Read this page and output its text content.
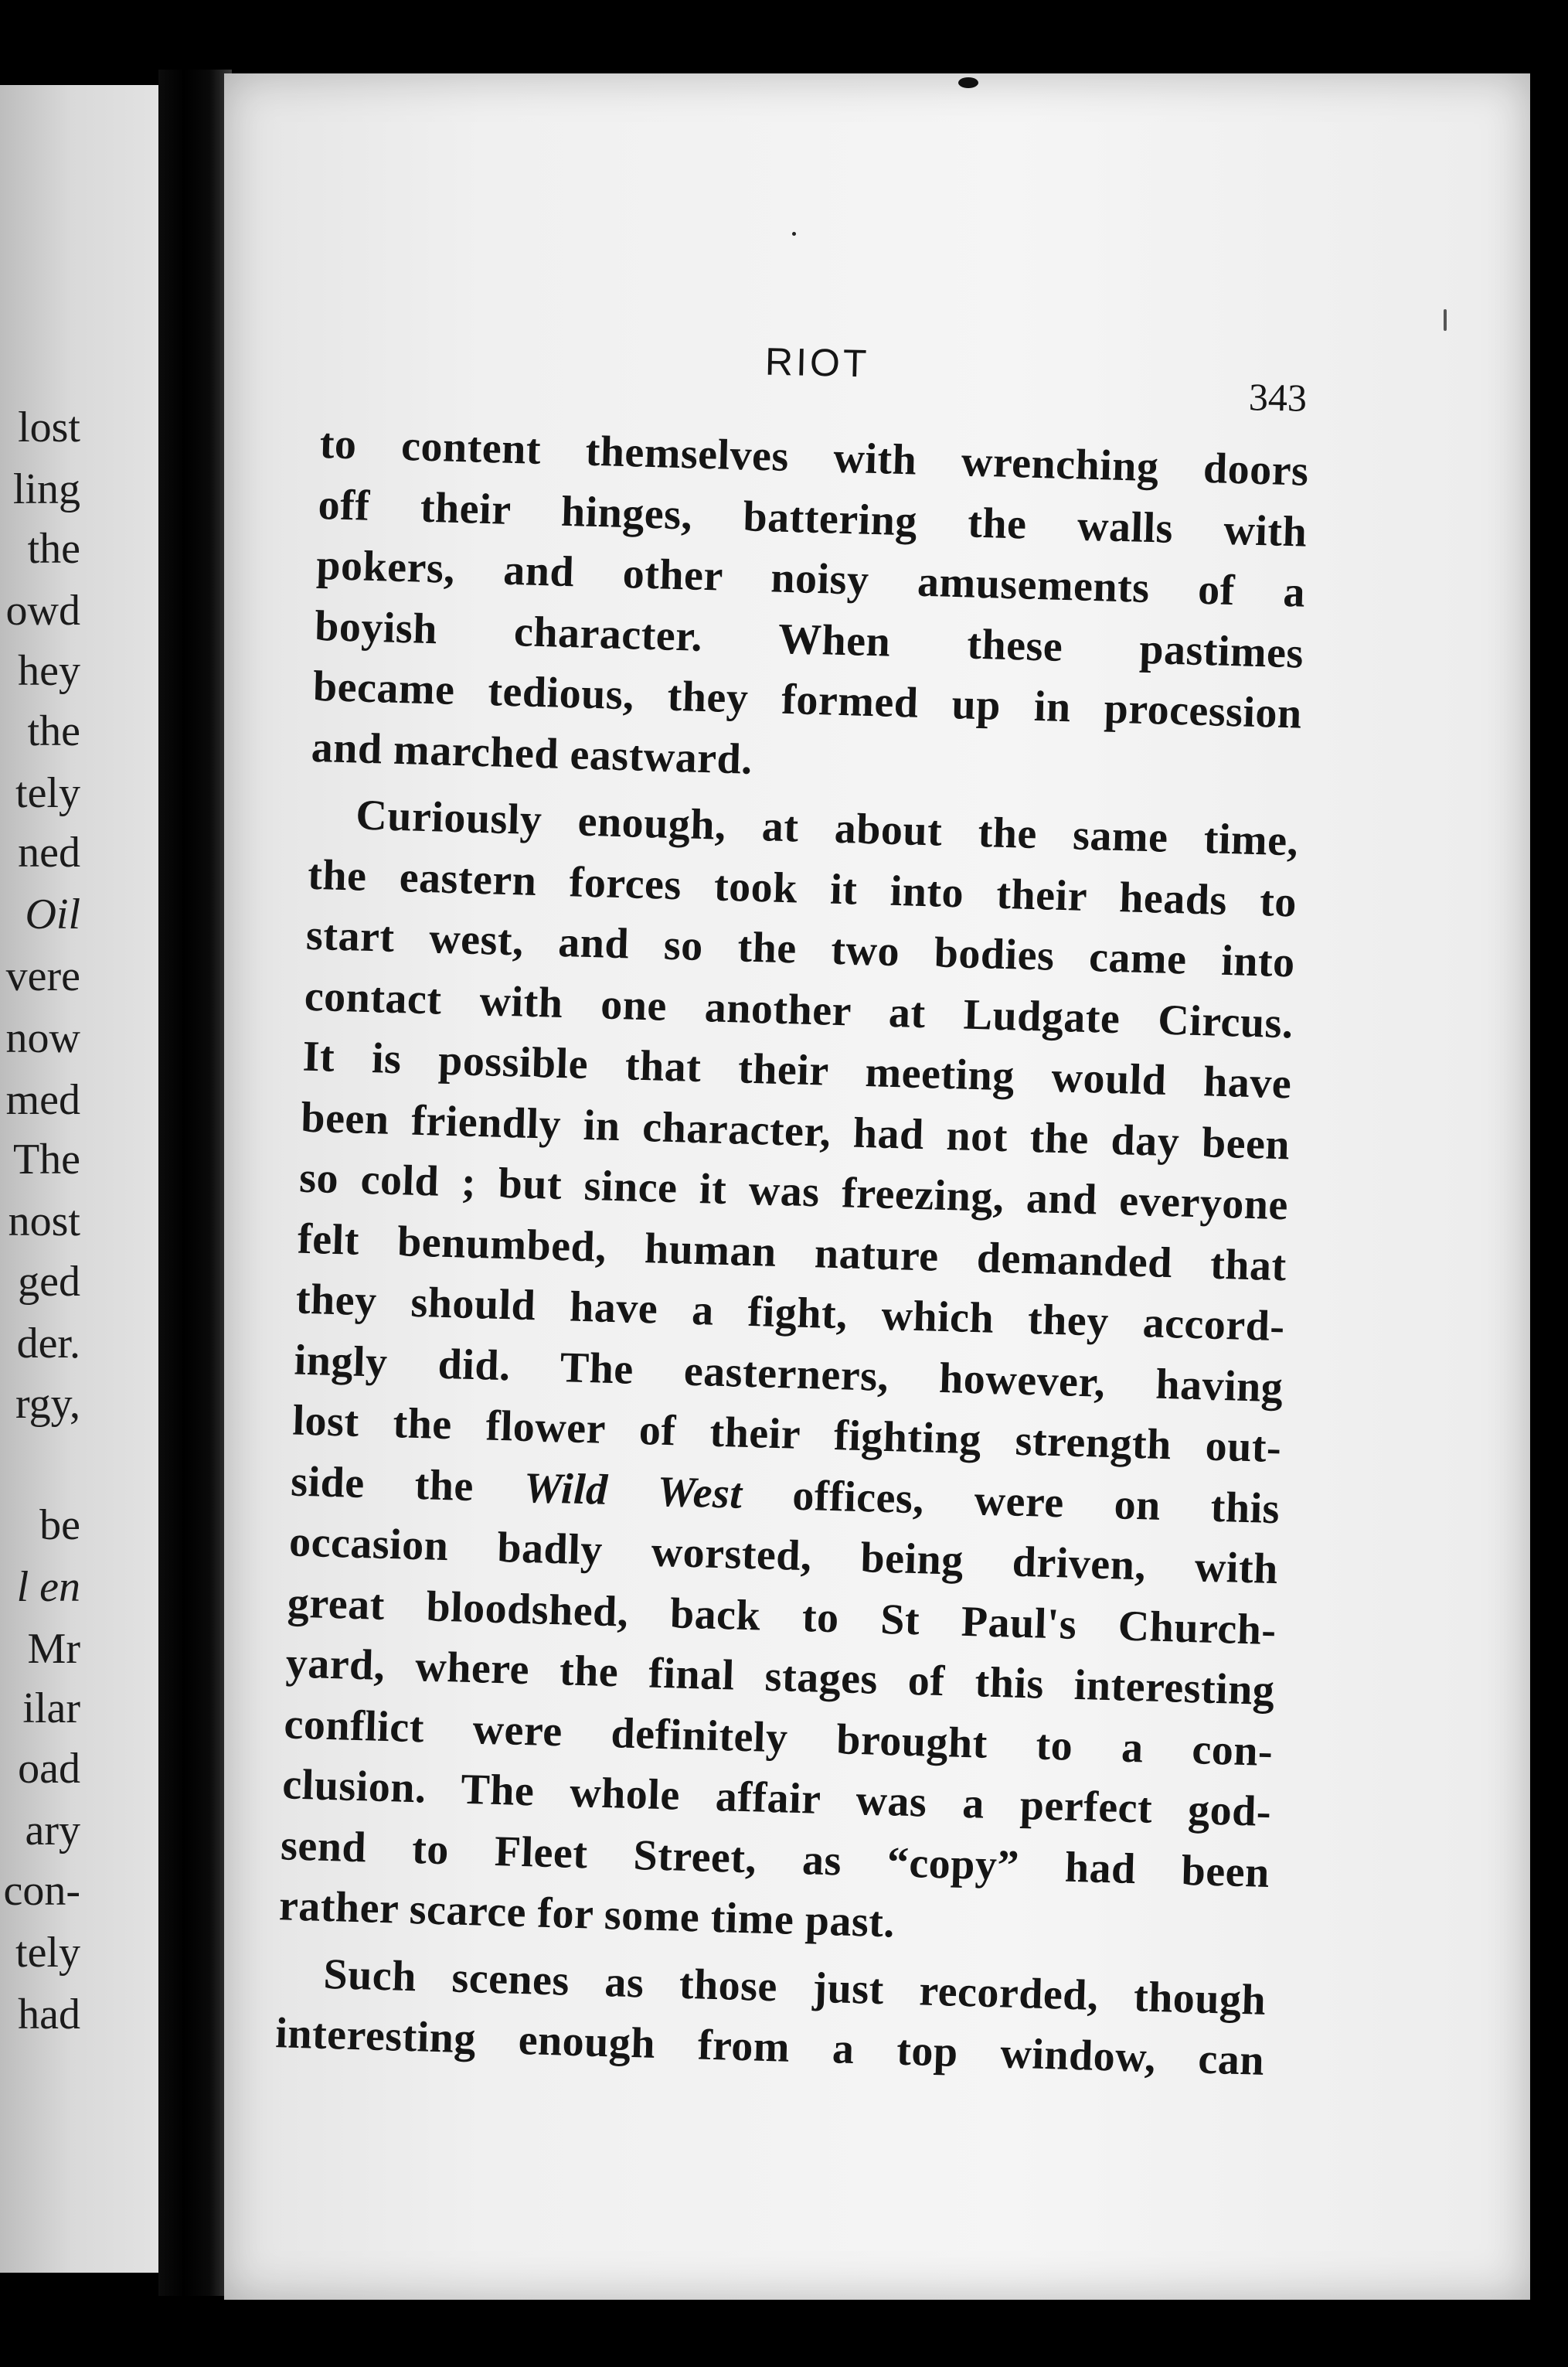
lost
ling
the
owd
hey
the
tely
ned
Oil
vere
now
med
The
nost
ged
der.
rgy,
be
l en
Mr
ilar
oad
ary
con-
tely
had
RIOT
343
to content themselves with wrenching doors
off their hinges, battering the walls with
pokers, and other noisy amusements of a
boyish character. When these pastimes
became tedious, they formed up in procession
and marched eastward.
Curiously enough, at about the same time,
the eastern forces took it into their heads to
start west, and so the two bodies came into
contact with one another at Ludgate Circus.
It is possible that their meeting would have
been friendly in character, had not the day been
so cold ; but since it was freezing, and everyone
felt benumbed, human nature demanded that
they should have a fight, which they accord-
ingly did. The easterners, however, having
lost the flower of their fighting strength out-
side the Wild West offices, were on this
occasion badly worsted, being driven, with
great bloodshed, back to St Paul's Church-
yard, where the final stages of this interesting
conflict were definitely brought to a con-
clusion. The whole affair was a perfect god-
send to Fleet Street, as “copy” had been
rather scarce for some time past.
Such scenes as those just recorded, though
interesting enough from a top window, can
